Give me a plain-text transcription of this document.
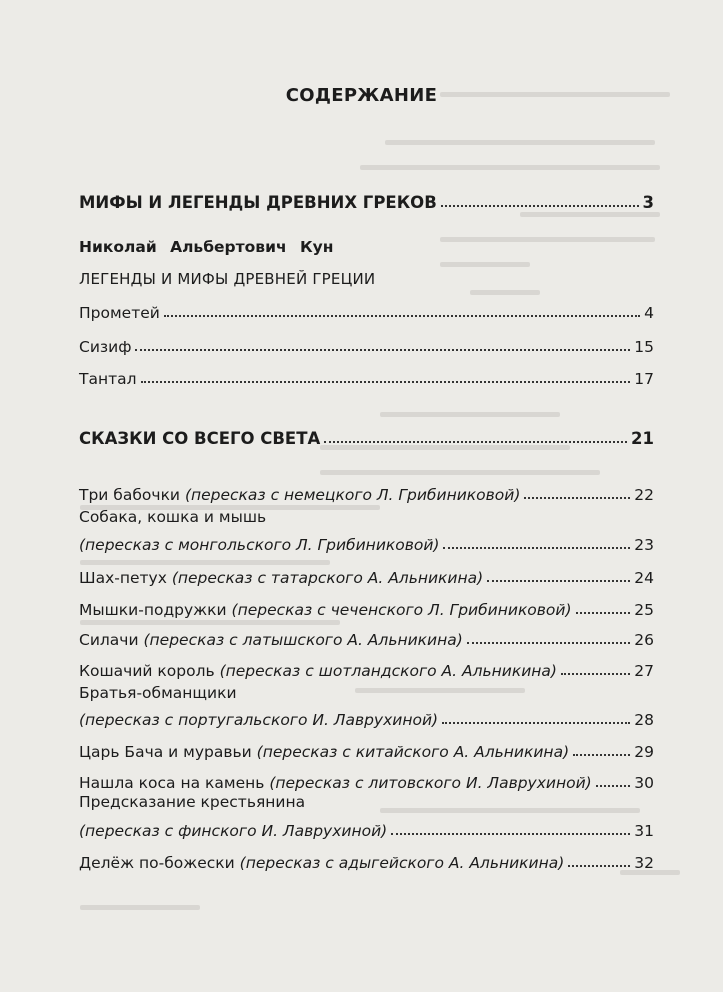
СОДЕРЖАНИЕ
МИФЫ И ЛЕГЕНДЫ ДРЕВНИХ ГРЕКОВ	3
Николай Альбертович Кун
ЛЕГЕНДЫ И МИФЫ ДРЕВНЕЙ ГРЕЦИИ
Прометей	4
Сизиф	15
Тантал	17
СКАЗКИ СО ВСЕГО СВЕТА	21
Три бабочки (пересказ с немецкого Л. Грибиниковой)	22
Собака, кошка и мышь
(пересказ с монгольского Л. Грибиниковой)	23
Шах-петух (пересказ с татарского А. Альникина)	24
Мышки-подружки (пересказ с чеченского Л. Грибиниковой)	25
Силачи (пересказ с латышского А. Альникина)	26
Кошачий король (пересказ с шотландского А. Альникина)	27
Братья-обманщики
(пересказ с португальского И. Лаврухиной)	28
Царь Бача и муравьи (пересказ с китайского А. Альникина)	29
Нашла коса на камень (пересказ с литовского И. Лаврухиной)	30
Предсказание крестьянина
(пересказ с финского И. Лаврухиной)	31
Делёж по-божески (пересказ с адыгейского А. Альникина)	32
